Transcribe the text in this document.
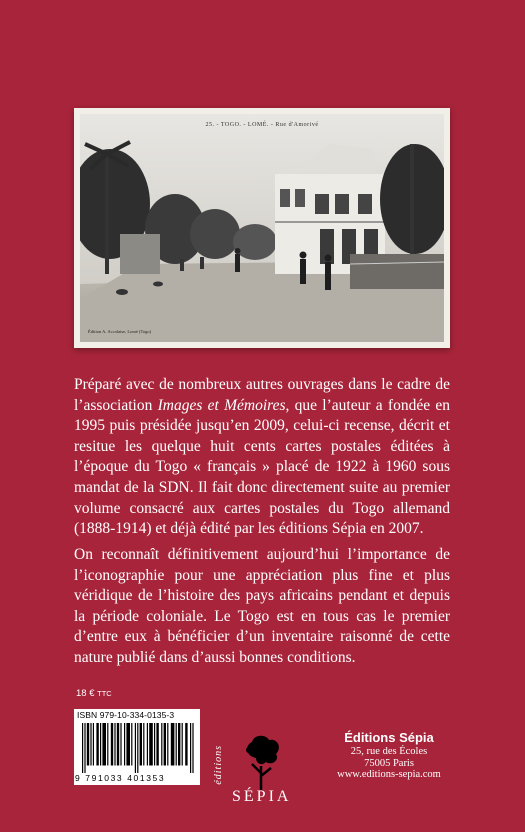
25. - TOGO. - LOMÉ. - Rue d'Amorivé
Édition A. Accolatse, Lomé (Togo)

Préparé avec de nombreux autres ouvrages dans le cadre de l’association Images et Mémoires, que l’auteur a fondée en 1995 puis présidée jusqu’en 2009, celui-ci recense, décrit et resitue les quelque huit cents cartes postales éditées à l’époque du Togo « français » placé de 1922 à 1960 sous mandat de la SDN. Il fait donc directement suite au premier volume consacré aux cartes postales du Togo allemand (1888-1914) et déjà édité par les éditions Sépia en 2007.

On reconnaît définitivement aujourd’hui l’importance de l’iconographie pour une appréciation plus fine et plus véridique de l’histoire des pays africains pendant et depuis la période coloniale. Le Togo est en tous cas le premier d’entre eux à bénéficier d’un inventaire raisonné de cette nature publié dans d’aussi bonnes conditions.

18 € TTC
ISBN 979-10-334-0135-3
9 791033 401353	éditions
SÉPIA
Éditions Sépia
25, rue des Écoles
75005 Paris
www.editions-sepia.com
